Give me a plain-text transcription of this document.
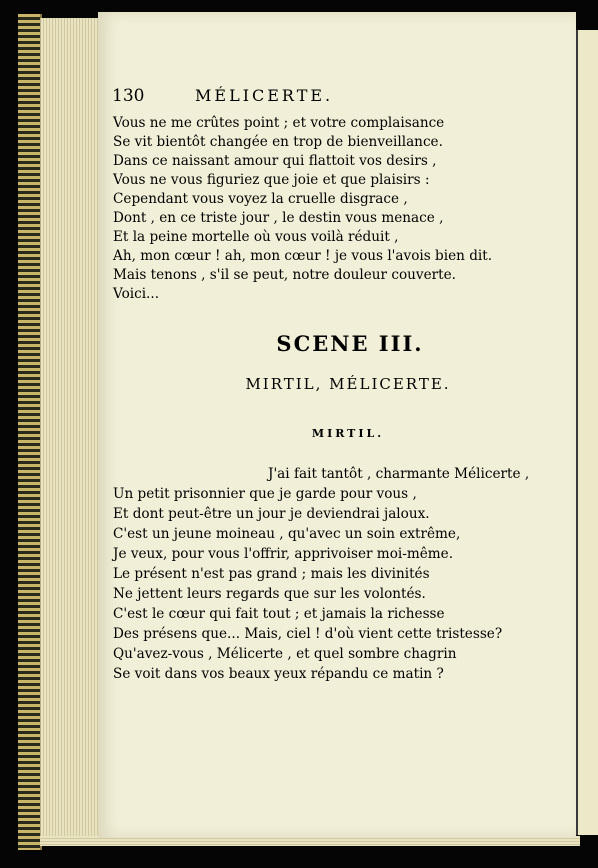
130	MÉLICERTE.
Vous ne me crûtes point ; et votre complaisance
Se vit bientôt changée en trop de bienveillance.
Dans ce naissant amour qui flattoit vos desirs ,
Vous ne vous figuriez que joie et que plaisirs :
Cependant vous voyez la cruelle disgrace ,
Dont , en ce triste jour , le destin vous menace ,
Et la peine mortelle où vous voilà réduit ,
Ah, mon cœur ! ah, mon cœur ! je vous l'avois bien dit.
Mais tenons , s'il se peut, notre douleur couverte.
Voici...
SCENE III.
MIRTIL, MÉLICERTE.
MIRTIL.
J'ai fait tantôt , charmante Mélicerte ,
Un petit prisonnier que je garde pour vous ,
Et dont peut-être un jour je deviendrai jaloux.
C'est un jeune moineau , qu'avec un soin extrême,
Je veux, pour vous l'offrir, apprivoiser moi-même.
Le présent n'est pas grand ; mais les divinités
Ne jettent leurs regards que sur les volontés.
C'est le cœur qui fait tout ; et jamais la richesse
Des présens que... Mais, ciel ! d'où vient cette tristesse?
Qu'avez-vous , Mélicerte , et quel sombre chagrin
Se voit dans vos beaux yeux répandu ce matin ?
